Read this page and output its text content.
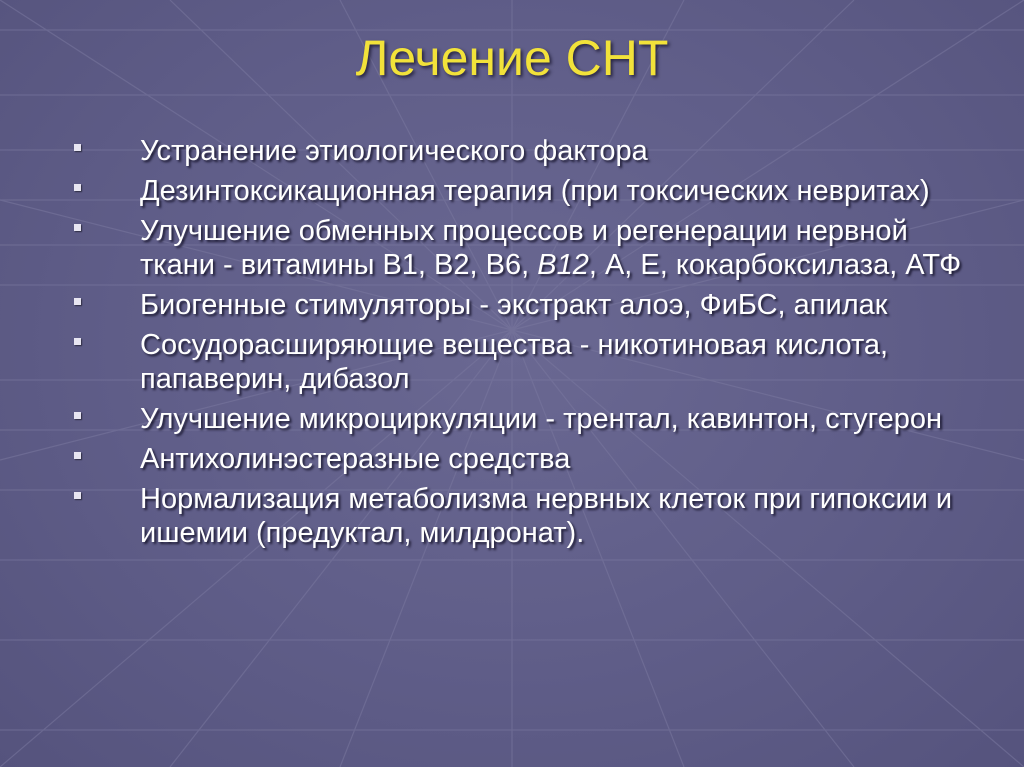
Лечение СНТ
Устранение этиологического фактора
Дезинтоксикационная терапия (при токсических невритах)
Улучшение обменных процессов и регенерации нервной ткани - витамины В1, В2, В6, В12, А, Е, кокарбоксилаза, АТФ
Биогенные стимуляторы - экстракт алоэ, ФиБС, апилак
Сосудорасширяющие вещества - никотиновая кислота, папаверин, дибазол
Улучшение микроциркуляции - трентал, кавинтон, стугерон
Антихолинэстеразные средства
Нормализация метаболизма нервных клеток при гипоксии и ишемии (предуктал, милдронат).
